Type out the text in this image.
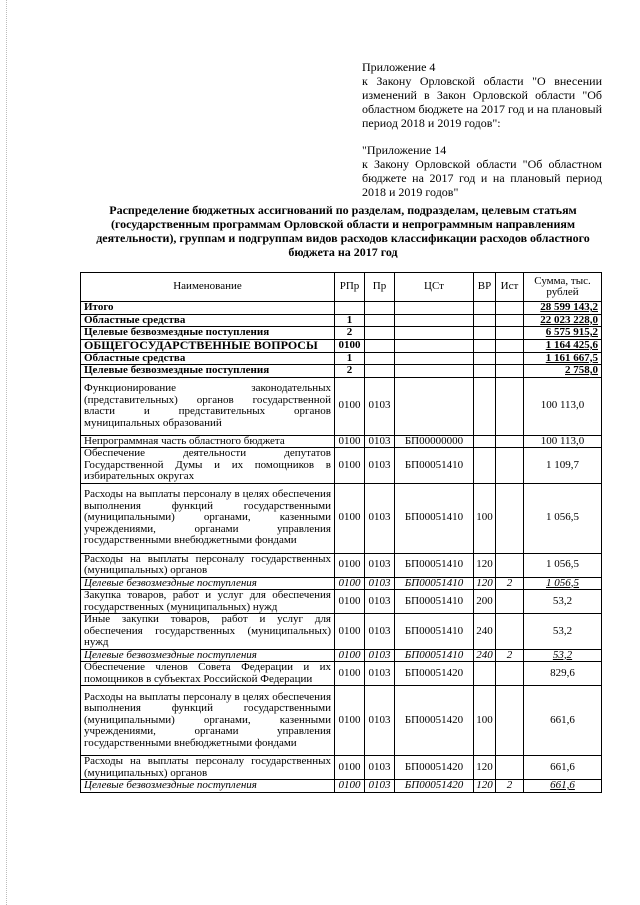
Приложение 4
к Закону Орловской области "О внесении изменений в Закон Орловской области "Об областном бюджете на 2017 год и на плановый период 2018 и 2019 годов":
"Приложение 14
к Закону Орловской области "Об областном бюджете на 2017 год и на плановый период 2018 и 2019 годов"
Распределение бюджетных ассигнований по разделам, подразделам, целевым статьям (государственным программам Орловской области и непрограммным направлениям деятельности), группам и подгруппам видов расходов классификации расходов областного бюджета на 2017 год
Наименование	РПр	Пр	ЦСт	ВР	Ист	Сумма, тыс. рублей
Итого						28 599 143,2
Областные средства	1					22 023 228,0
Целевые безвозмездные поступления	2					6 575 915,2
ОБЩЕГОСУДАРСТВЕННЫЕ ВОПРОСЫ	0100					1 164 425,6
Областные средства	1					1 161 667,5
Целевые безвозмездные поступления	2					2 758,0
Функционирование законодательных (представительных) органов государственной власти и представительных органов муниципальных образований	0100	0103				100 113,0
Непрограммная часть областного бюджета	0100	0103	БП00000000			100 113,0
Обеспечение деятельности депутатов Государственной Думы и их помощников в избирательных округах	0100	0103	БП00051410			1 109,7
Расходы на выплаты персоналу в целях обеспечения выполнения функций государственными (муниципальными) органами, казенными учреждениями, органами управления государственными внебюджетными фондами	0100	0103	БП00051410	100		1 056,5
Расходы на выплаты персоналу государственных (муниципальных) органов	0100	0103	БП00051410	120		1 056,5
Целевые безвозмездные поступления	0100	0103	БП00051410	120	2	1 056,5
Закупка товаров, работ и услуг для обеспечения государственных (муниципальных) нужд	0100	0103	БП00051410	200		53,2
Иные закупки товаров, работ и услуг для обеспечения государственных (муниципальных) нужд	0100	0103	БП00051410	240		53,2
Целевые безвозмездные поступления	0100	0103	БП00051410	240	2	53,2
Обеспечение членов Совета Федерации и их помощников в субъектах Российской Федерации	0100	0103	БП00051420			829,6
Расходы на выплаты персоналу в целях обеспечения выполнения функций государственными (муниципальными) органами, казенными учреждениями, органами управления государственными внебюджетными фондами	0100	0103	БП00051420	100		661,6
Расходы на выплаты персоналу государственных (муниципальных) органов	0100	0103	БП00051420	120		661,6
Целевые безвозмездные поступления	0100	0103	БП00051420	120	2	661,6
